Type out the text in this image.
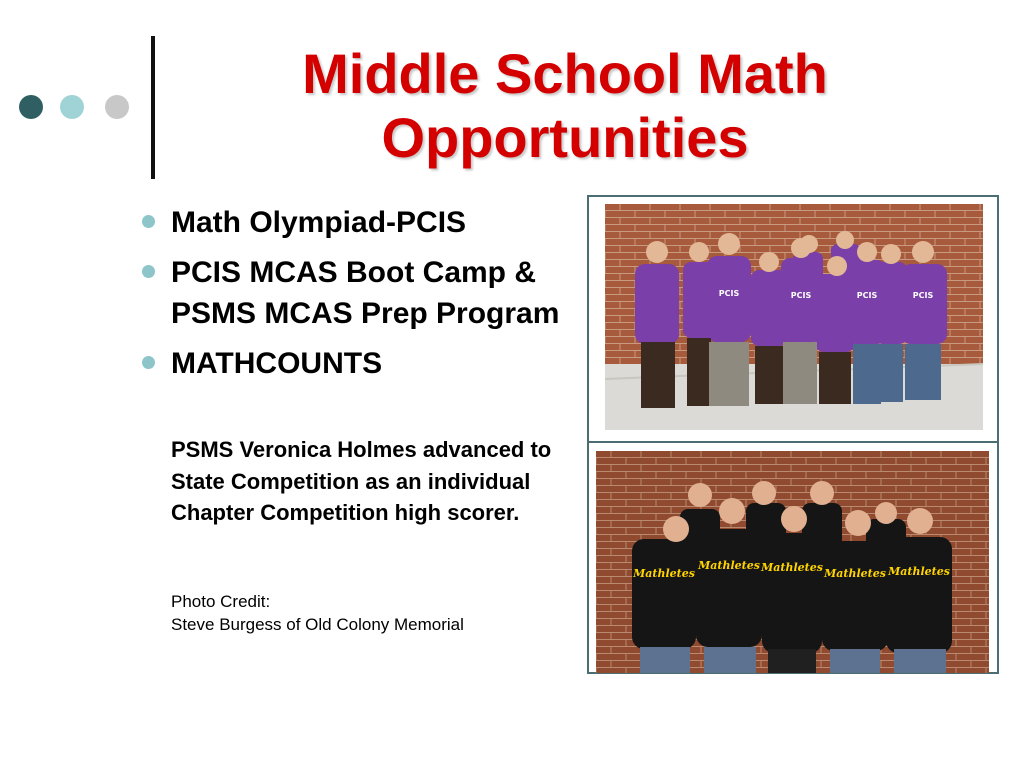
Middle School Math
Opportunities
Math Olympiad-PCIS
PCIS MCAS Boot Camp & PSMS MCAS Prep Program
MATHCOUNTS
PSMS Veronica Holmes advanced to State Competition as an individual Chapter Competition high scorer.
Photo Credit:
Steve Burgess of Old Colony Memorial
PCIS	PCIS	PCIS	PCIS
Mathletes
Mathletes Mathletes Mathletes Mathletes
